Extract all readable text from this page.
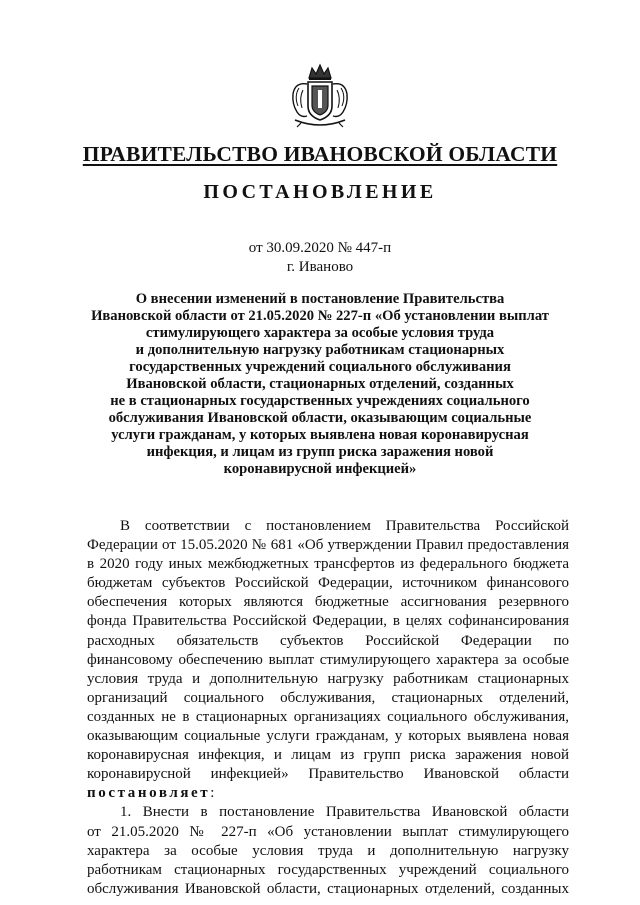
ПРАВИТЕЛЬСТВО ИВАНОВСКОЙ ОБЛАСТИ
ПОСТАНОВЛЕНИЕ
от 30.09.2020 № 447-п
г. Иваново
О внесении изменений в постановление Правительства
Ивановской области от 21.05.2020 № 227-п «Об установлении выплат
стимулирующего характера за особые условия труда
и дополнительную нагрузку работникам стационарных
государственных учреждений социального обслуживания
Ивановской области, стационарных отделений, созданных
не в стационарных государственных учреждениях социального
обслуживания Ивановской области, оказывающим социальные
услуги гражданам, у которых выявлена новая коронавирусная
инфекция, и лицам из групп риска заражения новой
коронавирусной инфекцией»
В соответствии с постановлением Правительства Российской
Федерации от 15.05.2020 № 681 «Об утверждении Правил предоставления
в 2020 году иных межбюджетных трансфертов из федерального бюджета
бюджетам субъектов Российской Федерации, источником финансового
обеспечения которых являются бюджетные ассигнования резервного
фонда Правительства Российской Федерации, в целях софинансирования
расходных обязательств субъектов Российской Федерации по
финансовому обеспечению выплат стимулирующего характера за особые
условия труда и дополнительную нагрузку работникам стационарных
организаций социального обслуживания, стационарных отделений,
созданных не в стационарных организациях социального обслуживания,
оказывающим социальные услуги гражданам, у которых выявлена новая
коронавирусная инфекция, и лицам из групп риска заражения новой
коронавирусной инфекцией» Правительство Ивановской области
постановляет:
1. Внести в постановление Правительства Ивановской области
от 21.05.2020 № 227-п «Об установлении выплат стимулирующего
характера за особые условия труда и дополнительную нагрузку
работникам стационарных государственных учреждений социального
обслуживания Ивановской области, стационарных отделений, созданных
